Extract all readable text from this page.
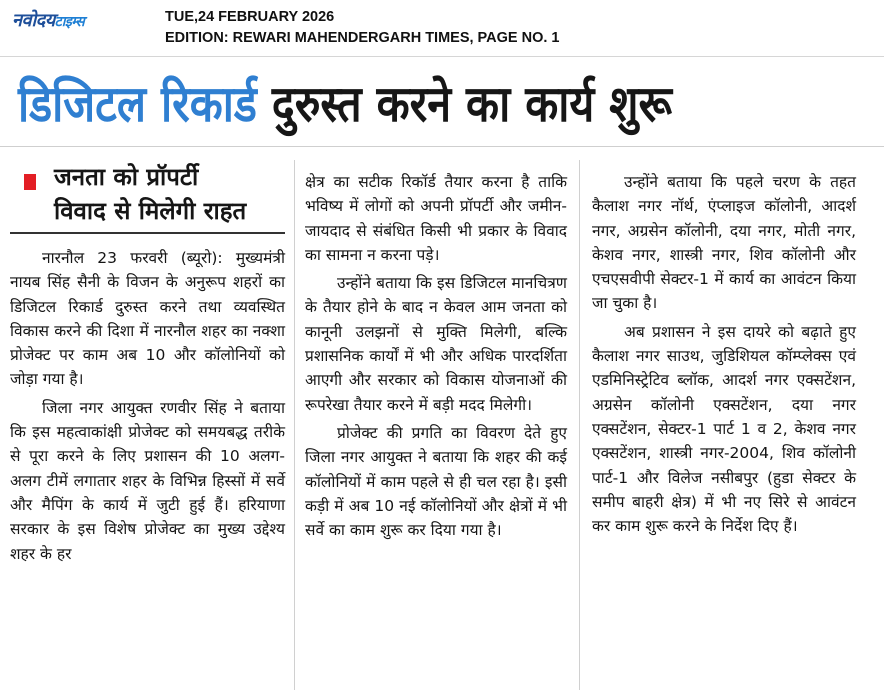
नवोदयटाइम्स	TUE,24 FEBRUARY 2026
EDITION: REWARI MAHENDERGARH TIMES, PAGE NO. 1
डिजिटल रिकार्ड दुरुस्त करने का कार्य शुरू
जनता को प्रॉपर्टी
विवाद से मिलेगी राहत

नारनौल 23 फरवरी (ब्यूरो): मुख्यमंत्री नायब सिंह सैनी के विजन के अनुरूप शहरों का डिजिटल रिकार्ड दुरुस्त करने तथा व्यवस्थित विकास करने की दिशा में नारनौल शहर का नक्शा प्रोजेक्ट पर काम अब 10 और कॉलोनियों को जोड़ा गया है।

जिला नगर आयुक्त रणवीर सिंह ने बताया कि इस महत्वाकांक्षी प्रोजेक्ट को समयबद्ध तरीके से पूरा करने के लिए प्रशासन की 10 अलग-अलग टीमें लगातार शहर के विभिन्न हिस्सों में सर्वे और मैपिंग के कार्य में जुटी हुई हैं। हरियाणा सरकार के इस विशेष प्रोजेक्ट का मुख्य उद्देश्य शहर के हर

क्षेत्र का सटीक रिकॉर्ड तैयार करना है ताकि भविष्य में लोगों को अपनी प्रॉपर्टी और जमीन-जायदाद से संबंधित किसी भी प्रकार के विवाद का सामना न करना पड़े।

उन्होंने बताया कि इस डिजिटल मानचित्रण के तैयार होने के बाद न केवल आम जनता को कानूनी उलझनों से मुक्ति मिलेगी, बल्कि प्रशासनिक कार्यों में भी और अधिक पारदर्शिता आएगी और सरकार को विकास योजनाओं की रूपरेखा तैयार करने में बड़ी मदद मिलेगी।

प्रोजेक्ट की प्रगति का विवरण देते हुए जिला नगर आयुक्त ने बताया कि शहर की कई कॉलोनियों में काम पहले से ही चल रहा है। इसी कड़ी में अब 10 नई कॉलोनियों और क्षेत्रों में भी सर्वे का काम शुरू कर दिया गया है।

उन्होंने बताया कि पहले चरण के तहत कैलाश नगर नॉर्थ, एंप्लाइज कॉलोनी, आदर्श नगर, अग्रसेन कॉलोनी, दया नगर, मोती नगर, केशव नगर, शास्त्री नगर, शिव कॉलोनी और एचएसवीपी सेक्टर-1 में कार्य का आवंटन किया जा चुका है।

अब प्रशासन ने इस दायरे को बढ़ाते हुए कैलाश नगर साउथ, जुडिशियल कॉम्प्लेक्स एवं एडमिनिस्ट्रेटिव ब्लॉक, आदर्श नगर एक्सटेंशन, अग्रसेन कॉलोनी एक्सटेंशन, दया नगर एक्सटेंशन, सेक्टर-1 पार्ट 1 व 2, केशव नगर एक्सटेंशन, शास्त्री नगर-2004, शिव कॉलोनी पार्ट-1 और विलेज नसीबपुर (हुडा सेक्टर के समीप बाहरी क्षेत्र) में भी नए सिरे से आवंटन कर काम शुरू करने के निर्देश दिए हैं।
